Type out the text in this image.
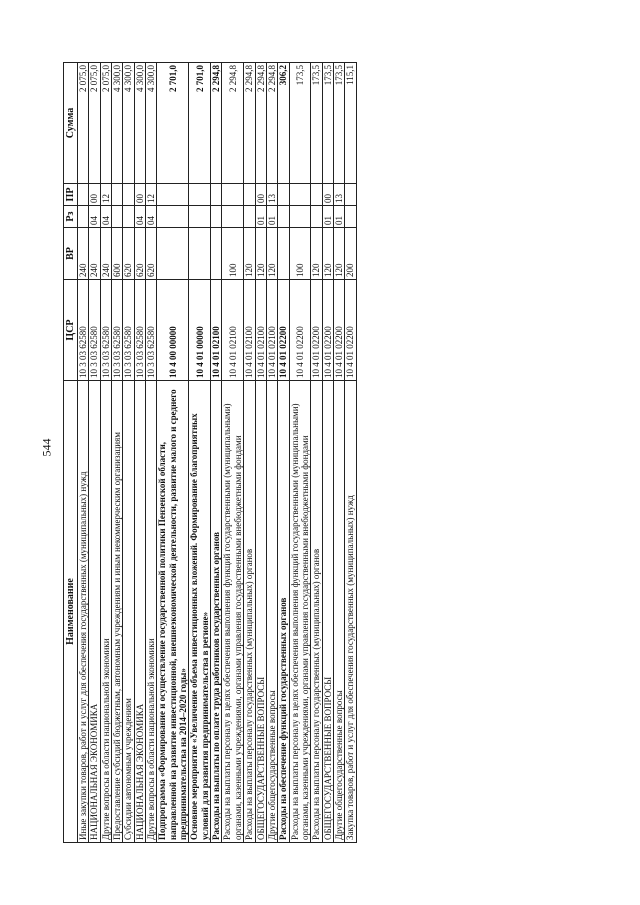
544
Наименование	ЦСР	ВР	Рз	ПР	Сумма
Иные закупки товаров, работ и услуг для обеспечения государственных (муниципальных) нужд	10 3 03 62580	240			2 075,0
НАЦИОНАЛЬНАЯ ЭКОНОМИКА	10 3 03 62580	240	04	00	2 075,0
Другие вопросы в области национальной экономики	10 3 03 62580	240	04	12	2 075,0
Предоставление субсидий бюджетным, автономным учреждениям и иным некоммерческим организациям	10 3 03 62580	600			4 300,0
Субсидии автономным учреждениям	10 3 03 62580	620			4 300,0
НАЦИОНАЛЬНАЯ ЭКОНОМИКА	10 3 03 62580	620	04	00	4 300,0
Другие вопросы в области национальной экономики	10 3 03 62580	620	04	12	4 300,0
Подпрограмма «Формирование и осуществление государственной политики Пензенской области, направленной на развитие инвестиционной, внешнеэкономической деятельности, развитие малого и среднего предпринимательства на 2014–2020 годы»	10 4 00 00000				2 701,0
Основное мероприятие «Увеличение объема инвестиционных вложений. Формирование благоприятных условий для развития предпринимательства в регионе»	10 4 01 00000				2 701,0
Расходы на выплаты по оплате труда работников государственных органов	10 4 01 02100				2 294,8
Расходы на выплаты персоналу в целях обеспечения выполнения функций государственными (муниципальными) органами, казенными учреждениями, органами управления государственными внебюджетными фондами	10 4 01 02100	100			2 294,8
Расходы на выплаты персоналу государственных (муниципальных) органов	10 4 01 02100	120			2 294,8
ОБЩЕГОСУДАРСТВЕННЫЕ ВОПРОСЫ	10 4 01 02100	120	01	00	2 294,8
Другие общегосударственные вопросы	10 4 01 02100	120	01	13	2 294,8
Расходы на обеспечение функций государственных органов	10 4 01 02200				306,2
Расходы на выплаты персоналу в целях обеспечения выполнения функций государственными (муниципальными) органами, казенными учреждениями, органами управления государственными внебюджетными фондами	10 4 01 02200	100			173,5
Расходы на выплаты персоналу государственных (муниципальных) органов	10 4 01 02200	120			173,5
ОБЩЕГОСУДАРСТВЕННЫЕ ВОПРОСЫ	10 4 01 02200	120	01	00	173,5
Другие общегосударственные вопросы	10 4 01 02200	120	01	13	173,5
Закупка товаров, работ и услуг для обеспечения государственных (муниципальных) нужд	10 4 01 02200	200			115,1
